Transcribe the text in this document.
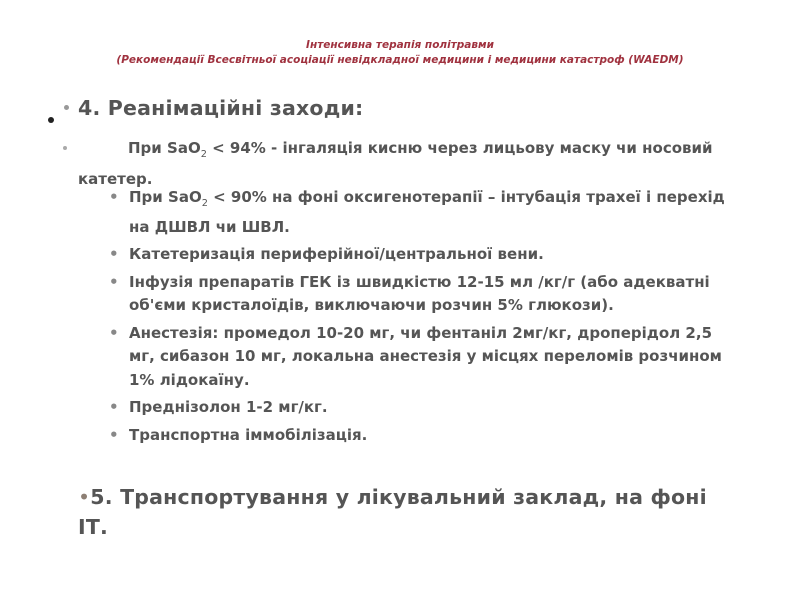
Інтенсивна терапія політравми
(Рекомендації Всесвітньої асоціації невідкладної медицини і медицини катастроф (WAEDM)
4. Реанімаційні заходи:
При SaO$_2$ < 94% - інгаляція кисню через лицьову маску чи носовий катетер.
• При SaO$_2$ < 90% на фоні оксигенотерапії – інтубація трахеї і перехід на ДШВЛ чи ШВЛ.
• Катетеризація периферійної/центральної вени.
• Інфузія препаратів ГЕК із швидкістю 12-15 мл /кг/г (або адекватні об'єми кристалоїдів, виключаючи розчин 5% глюкози).
• Анестезія: промедол 10-20 мг, чи фентаніл 2мг/кг, дроперідол 2,5 мг, сибазон 10 мг, локальна анестезія у місцях переломів розчином 1% лідокаїну.
• Преднізолон 1-2 мг/кг.
• Транспортна іммобілізація.
•5. Транспортування у лікувальний заклад, на фоні ІТ.
